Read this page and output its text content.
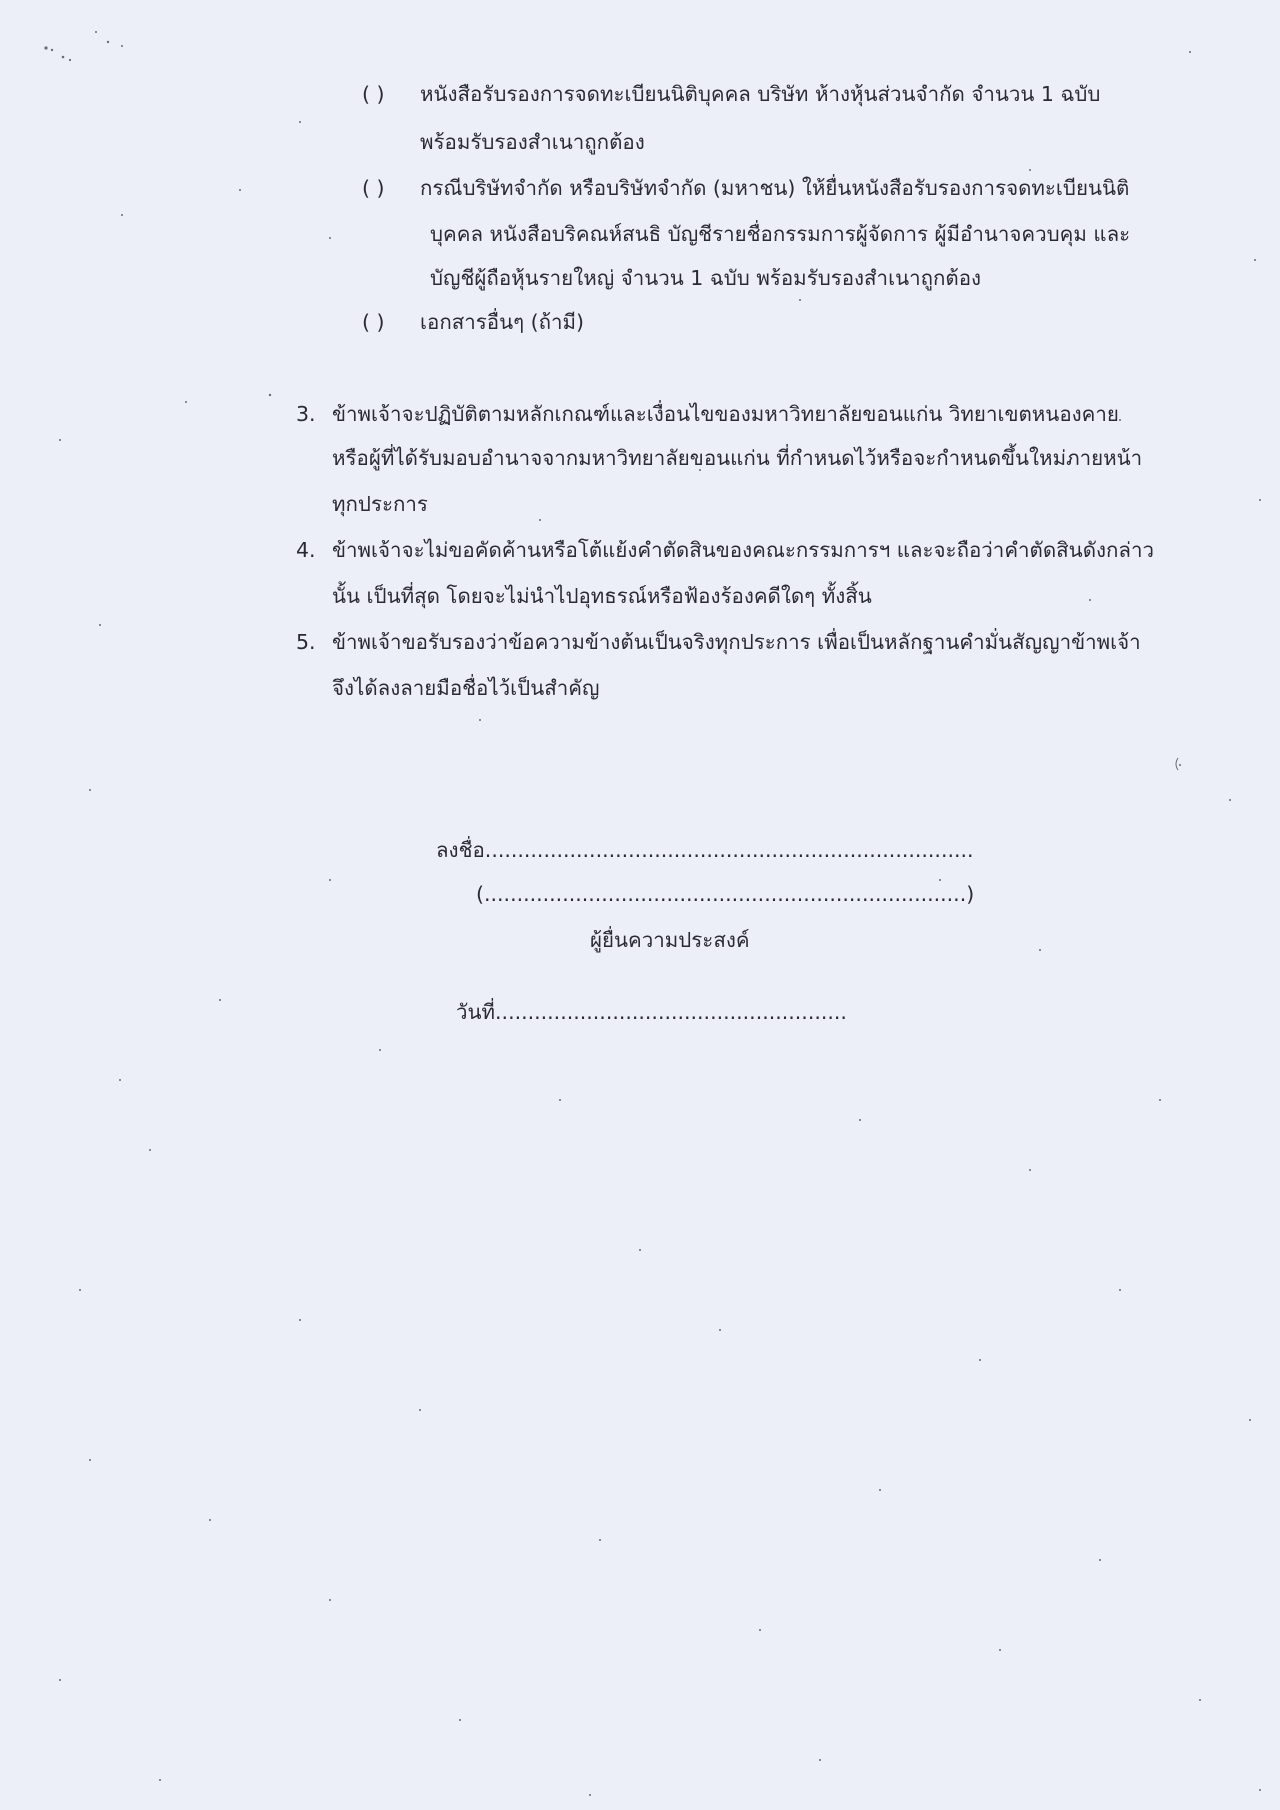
( ) หนังสือรับรองการจดทะเบียนนิติบุคคล บริษัท ห้างหุ้นส่วนจำกัด จำนวน 1 ฉบับ
พร้อมรับรองสำเนาถูกต้อง
( ) กรณีบริษัทจำกัด หรือบริษัทจำกัด (มหาชน) ให้ยื่นหนังสือรับรองการจดทะเบียนนิติ
บุคคล หนังสือบริคณห์สนธิ บัญชีรายชื่อกรรมการผู้จัดการ ผู้มีอำนาจควบคุม และ
บัญชีผู้ถือหุ้นรายใหญ่ จำนวน 1 ฉบับ พร้อมรับรองสำเนาถูกต้อง
( ) เอกสารอื่นๆ (ถ้ามี)
3. ข้าพเจ้าจะปฏิบัติตามหลักเกณฑ์และเงื่อนไขของมหาวิทยาลัยขอนแก่น วิทยาเขตหนองคาย
หรือผู้ที่ได้รับมอบอำนาจจากมหาวิทยาลัยขอนแก่น ที่กำหนดไว้หรือจะกำหนดขึ้นใหม่ภายหน้า
ทุกประการ
4. ข้าพเจ้าจะไม่ขอคัดค้านหรือโต้แย้งคำตัดสินของคณะกรรมการฯ และจะถือว่าคำตัดสินดังกล่าว
นั้น เป็นที่สุด โดยจะไม่นำไปอุทธรณ์หรือฟ้องร้องคดีใดๆ ทั้งสิ้น
5. ข้าพเจ้าขอรับรองว่าข้อความข้างต้นเป็นจริงทุกประการ เพื่อเป็นหลักฐานคำมั่นสัญญาข้าพเจ้า
จึงได้ลงลายมือชื่อไว้เป็นสำคัญ
ลงชื่อ...........................................................................
(..........................................................................)
ผู้ยื่นความประสงค์
วันที่......................................................
